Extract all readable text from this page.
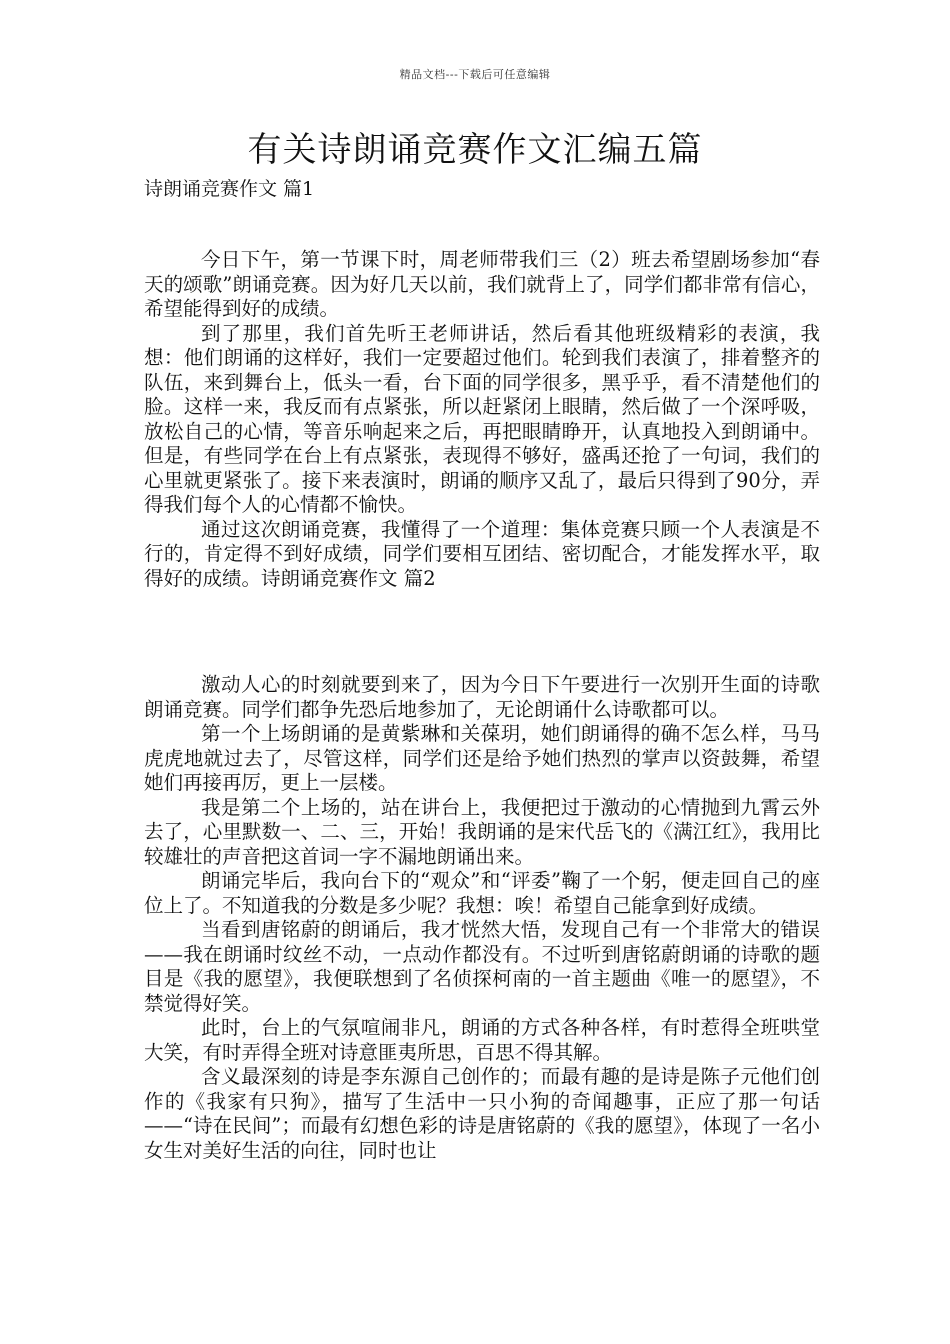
精品文档---下载后可任意编辑
有关诗朗诵竞赛作文汇编五篇
诗朗诵竞赛作文 篇1

今日下午，第一节课下时，周老师带我们三（2）班去希望剧场参加“春天的颂歌”朗诵竞赛。因为好几天以前，我们就背上了，同学们都非常有信心，希望能得到好的成绩。

到了那里，我们首先听王老师讲话，然后看其他班级精彩的表演，我想：他们朗诵的这样好，我们一定要超过他们。轮到我们表演了，排着整齐的队伍，来到舞台上，低头一看，台下面的同学很多，黑乎乎，看不清楚他们的脸。这样一来，我反而有点紧张，所以赶紧闭上眼睛，然后做了一个深呼吸，放松自己的心情，等音乐响起来之后，再把眼睛睁开，认真地投入到朗诵中。但是，有些同学在台上有点紧张，表现得不够好，盛禹还抢了一句词，我们的心里就更紧张了。接下来表演时，朗诵的顺序又乱了，最后只得到了90分，弄得我们每个人的心情都不愉快。

通过这次朗诵竞赛，我懂得了一个道理：集体竞赛只顾一个人表演是不行的，肯定得不到好成绩，同学们要相互团结、密切配合，才能发挥水平，取得好的成绩。诗朗诵竞赛作文 篇2

激动人心的时刻就要到来了，因为今日下午要进行一次别开生面的诗歌朗诵竞赛。同学们都争先恐后地参加了，无论朗诵什么诗歌都可以。

第一个上场朗诵的是黄紫琳和关葆玥，她们朗诵得的确不怎么样，马马虎虎地就过去了，尽管这样，同学们还是给予她们热烈的掌声以资鼓舞，希望她们再接再厉，更上一层楼。

我是第二个上场的，站在讲台上，我便把过于激动的心情抛到九霄云外去了，心里默数一、二、三，开始！我朗诵的是宋代岳飞的《满江红》，我用比较雄壮的声音把这首词一字不漏地朗诵出来。

朗诵完毕后，我向台下的“观众”和“评委”鞠了一个躬，便走回自己的座位上了。不知道我的分数是多少呢？我想：唉！希望自己能拿到好成绩。

当看到唐铭蔚的朗诵后，我才恍然大悟，发现自己有一个非常大的错误——我在朗诵时纹丝不动，一点动作都没有。不过听到唐铭蔚朗诵的诗歌的题目是《我的愿望》，我便联想到了名侦探柯南的一首主题曲《唯一的愿望》，不禁觉得好笑。

此时，台上的气氛喧闹非凡，朗诵的方式各种各样，有时惹得全班哄堂大笑，有时弄得全班对诗意匪夷所思，百思不得其解。

含义最深刻的诗是李东源自己创作的；而最有趣的是诗是陈子元他们创作的《我家有只狗》，描写了生活中一只小狗的奇闻趣事，正应了那一句话——“诗在民间”；而最有幻想色彩的诗是唐铭蔚的《我的愿望》，体现了一名小女生对美好生活的向往，同时也让
